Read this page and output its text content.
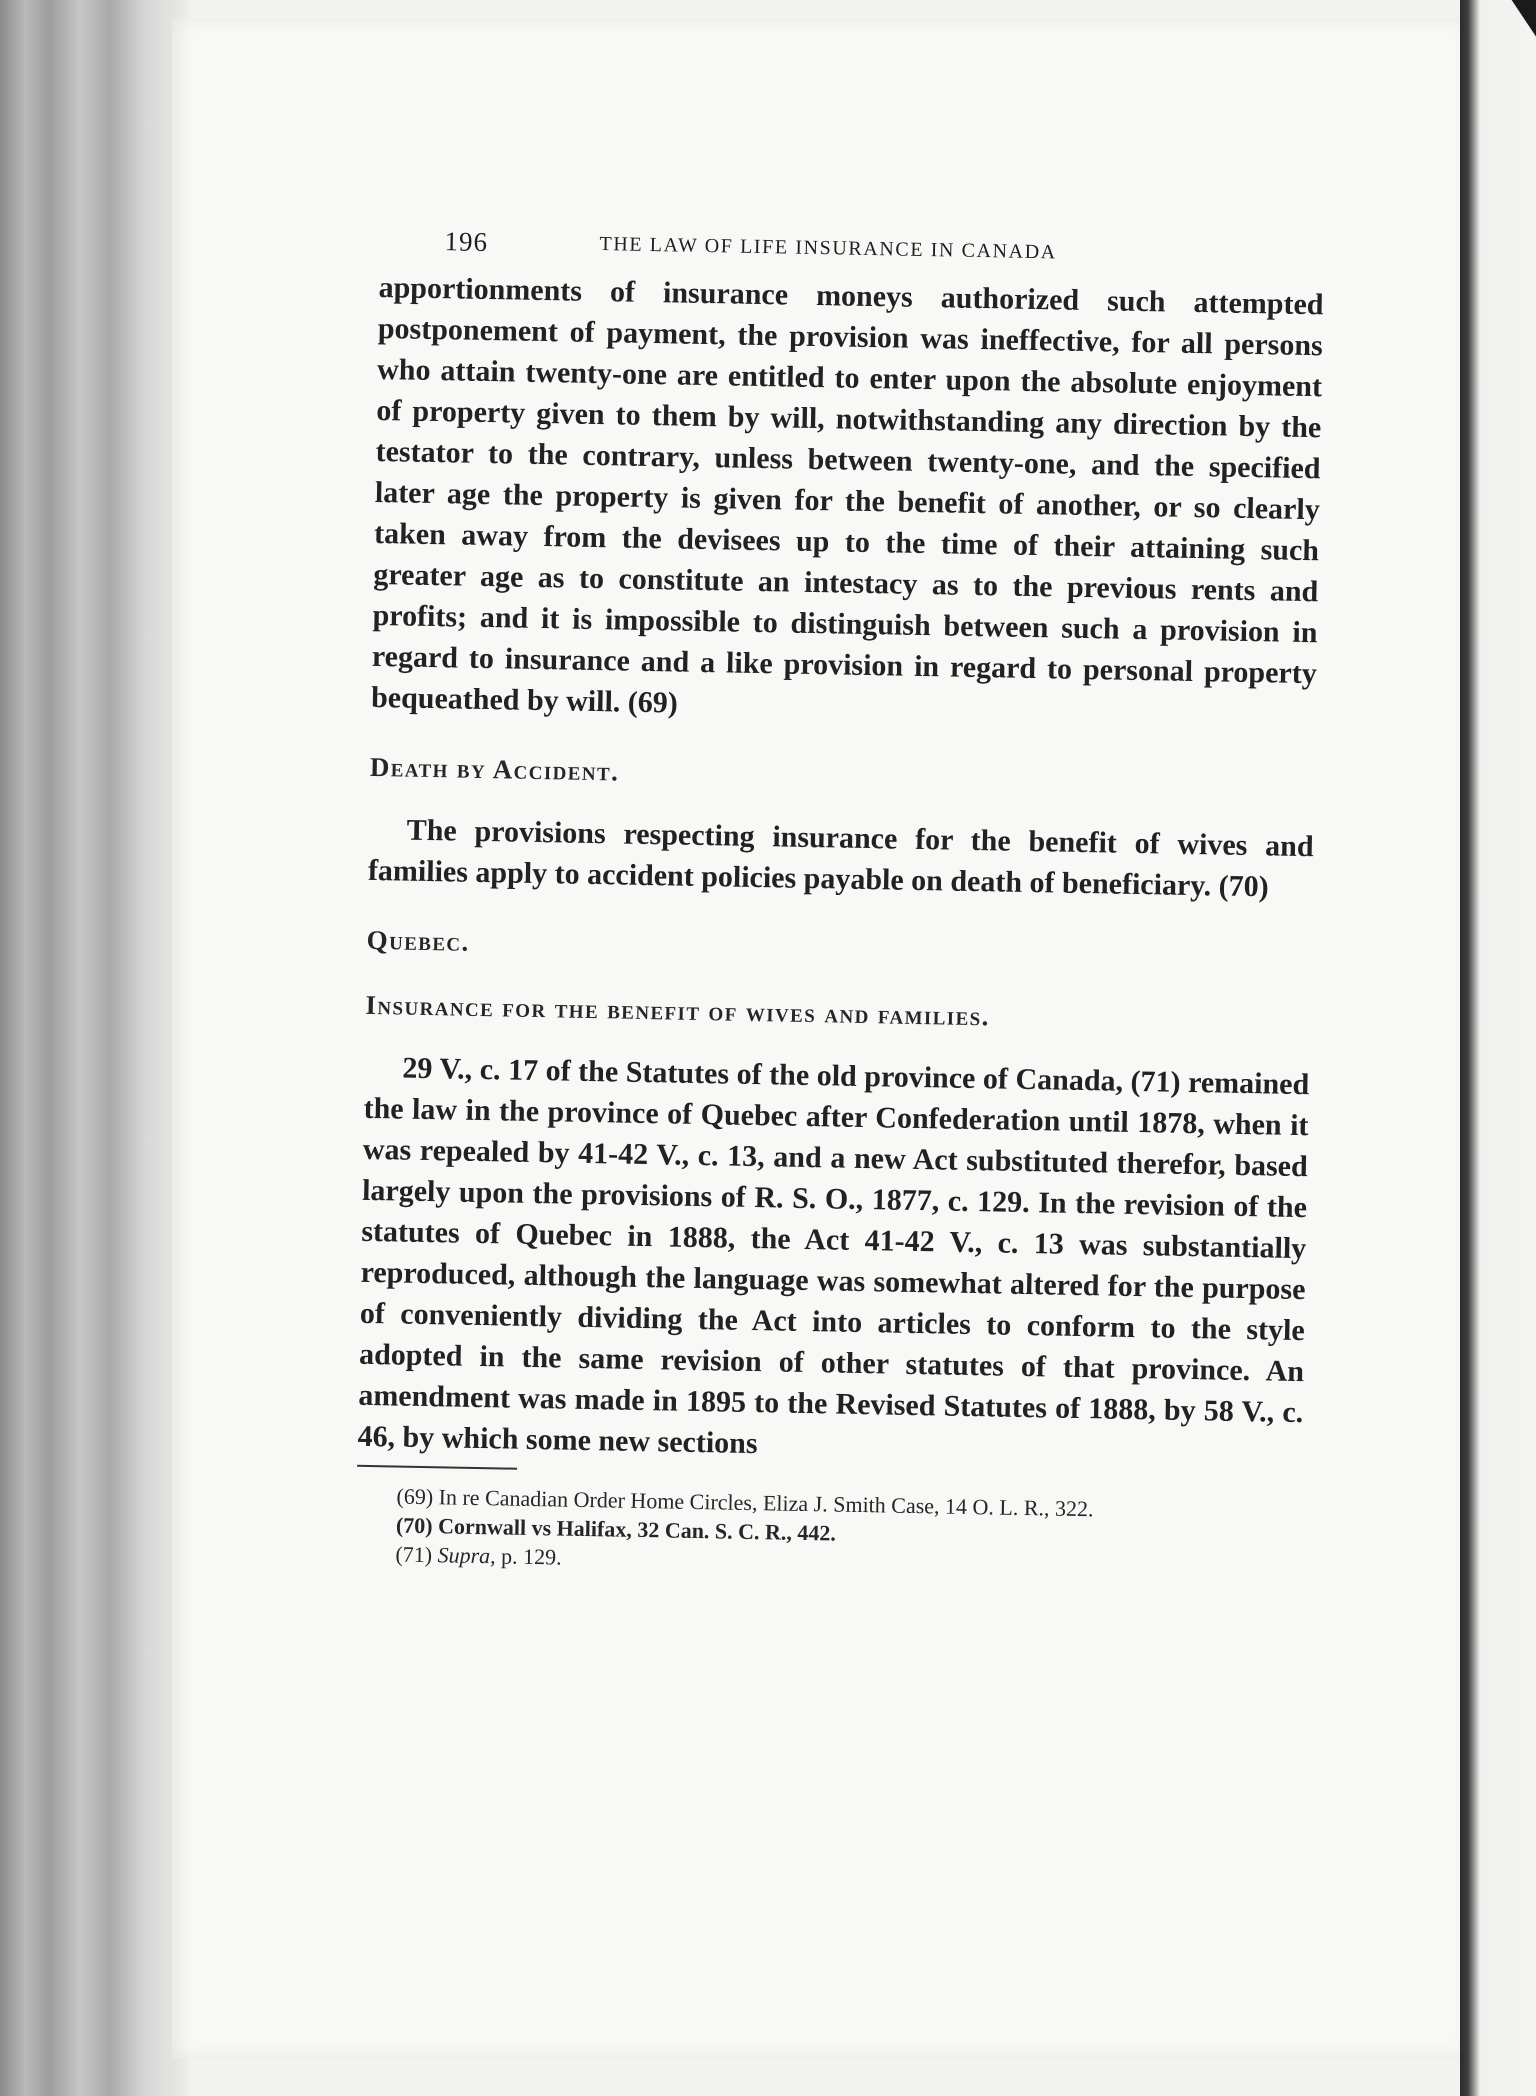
196	THE LAW OF LIFE INSURANCE IN CANADA

apportionments of insurance moneys authorized such attempted postponement of payment, the provision was ineffective, for all persons who attain twenty-one are entitled to enter upon the absolute enjoyment of property given to them by will, notwithstanding any direction by the testator to the contrary, unless between twenty-one, and the specified later age the property is given for the benefit of another, or so clearly taken away from the devisees up to the time of their attaining such greater age as to constitute an intestacy as to the previous rents and profits; and it is impossible to distinguish between such a provision in regard to insurance and a like provision in regard to personal property bequeathed by will. (69)

Death by Accident.

The provisions respecting insurance for the benefit of wives and families apply to accident policies payable on death of beneficiary. (70)

Quebec.
Insurance for the benefit of wives and families.

29 V., c. 17 of the Statutes of the old province of Canada, (71) remained the law in the province of Quebec after Confederation until 1878, when it was repealed by 41-42 V., c. 13, and a new Act substituted therefor, based largely upon the provisions of R. S. O., 1877, c. 129. In the revision of the statutes of Quebec in 1888, the Act 41-42 V., c. 13 was substantially reproduced, although the language was somewhat altered for the purpose of conveniently dividing the Act into articles to conform to the style adopted in the same revision of other statutes of that province. An amendment was made in 1895 to the Revised Statutes of 1888, by 58 V., c. 46, by which some new sections

(69) In re Canadian Order Home Circles, Eliza J. Smith Case, 14 O. L. R., 322.

(70) Cornwall vs Halifax, 32 Can. S. C. R., 442.

(71) Supra, p. 129.
